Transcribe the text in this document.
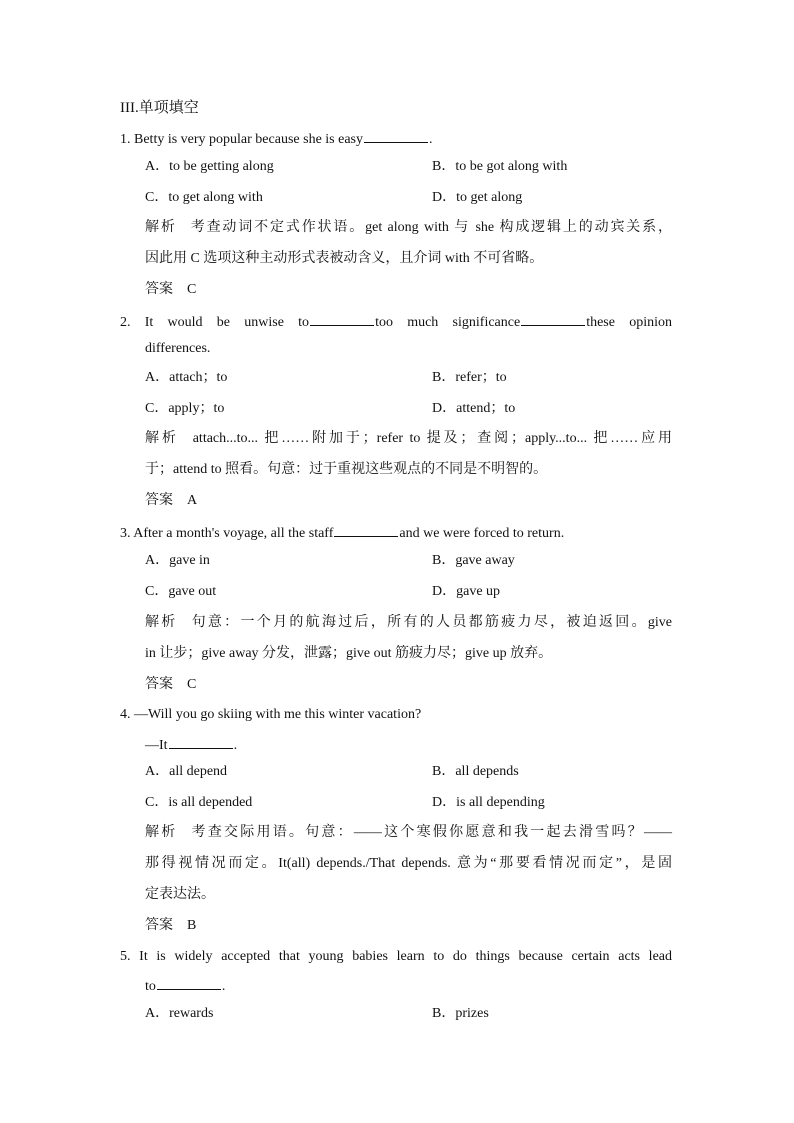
III.单项填空
1. Betty is very popular because she is easy	.
A．to be getting along	B．to be got along with
C．to get along with	D．to get along
解析 考查动词不定式作状语。get along with 与 she 构成逻辑上的动宾关系，
因此用 C 选项这种主动形式表被动含义，且介词 with 不可省略。
答案 C
2. It would be unwise to	too much significance	these opinion
differences.
A．attach；to	B．refer；to
C．apply；to	D．attend；to
解析 attach...to... 把……附加于；refer to 提及；查阅；apply...to... 把……应用
于；attend to 照看。句意：过于重视这些观点的不同是不明智的。
答案 A
3. After a month's voyage, all the staff	and we were forced to return.
A．gave in	B．gave away
C．gave out	D．gave up
解析 句意：一个月的航海过后，所有的人员都筋疲力尽，被迫返回。give
in 让步；give away 分发，泄露；give out 筋疲力尽；give up 放弃。
答案 C
4. —Will you go skiing with me this winter vacation?
—It	.
A．all depend	B．all depends
C．is all depended	D．is all depending
解析 考查交际用语。句意：——这个寒假你愿意和我一起去滑雪吗？——
那得视情况而定。It(all) depends./That depends. 意为“那要看情况而定”，是固
定表达法。
答案 B
5. It is widely accepted that young babies learn to do things because certain acts lead
to	.
A．rewards	B．prizes
